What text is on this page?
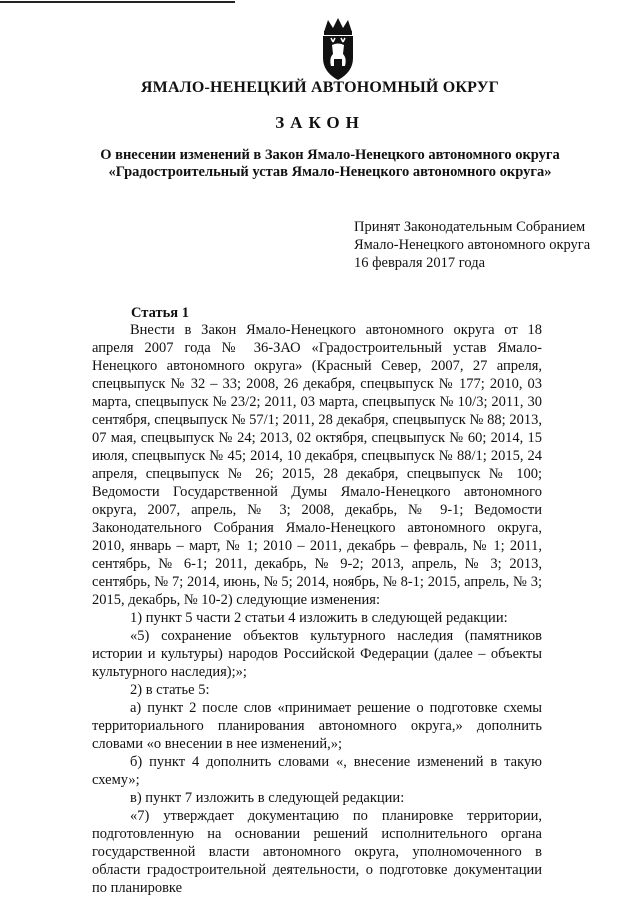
ЯМАЛО-НЕНЕЦКИЙ АВТОНОМНЫЙ ОКРУГ
ЗАКОН
О внесении изменений в Закон Ямало-Ненецкого автономного округа
«Градостроительный устав Ямало-Ненецкого автономного округа»
Принят Законодательным Собранием
Ямало-Ненецкого автономного округа
16 февраля 2017 года
Статья 1

Внести в Закон Ямало-Ненецкого автономного округа от 18 апреля 2007 года № 36-ЗАО «Градостроительный устав Ямало-Ненецкого автономного округа» (Красный Север, 2007, 27 апреля, спецвыпуск № 32 – 33; 2008, 26 декабря, спецвыпуск № 177; 2010, 03 марта, спецвыпуск № 23/2; 2011, 03 марта, спецвыпуск № 10/3; 2011, 30 сентября, спецвыпуск № 57/1; 2011, 28 декабря, спецвыпуск № 88; 2013, 07 мая, спецвыпуск № 24; 2013, 02 октября, спецвыпуск № 60; 2014, 15 июля, спецвыпуск № 45; 2014, 10 декабря, спецвыпуск № 88/1; 2015, 24 апреля, спецвыпуск № 26; 2015, 28 декабря, спецвыпуск № 100; Ведомости Государственной Думы Ямало-Ненецкого автономного округа, 2007, апрель, № 3; 2008, декабрь, № 9-1; Ведомости Законодательного Собрания Ямало-Ненецкого автономного округа, 2010, январь – март, № 1; 2010 – 2011, декабрь – февраль, № 1; 2011, сентябрь, № 6-1; 2011, декабрь, № 9-2; 2013, апрель, № 3; 2013, сентябрь, № 7; 2014, июнь, № 5; 2014, ноябрь, № 8-1; 2015, апрель, № 3; 2015, декабрь, № 10-2) следующие изменения:

1) пункт 5 части 2 статьи 4 изложить в следующей редакции:

«5) сохранение объектов культурного наследия (памятников истории и культуры) народов Российской Федерации (далее – объекты культурного наследия);»;

2) в статье 5:

а) пункт 2 после слов «принимает решение о подготовке схемы территориального планирования автономного округа,» дополнить словами «о внесении в нее изменений,»;

б) пункт 4 дополнить словами «, внесение изменений в такую схему»;

в) пункт 7 изложить в следующей редакции:

«7) утверждает документацию по планировке территории, подготовленную на основании решений исполнительного органа государственной власти автономного округа, уполномоченного в области градостроительной деятельности, о подготовке документации по планировке
